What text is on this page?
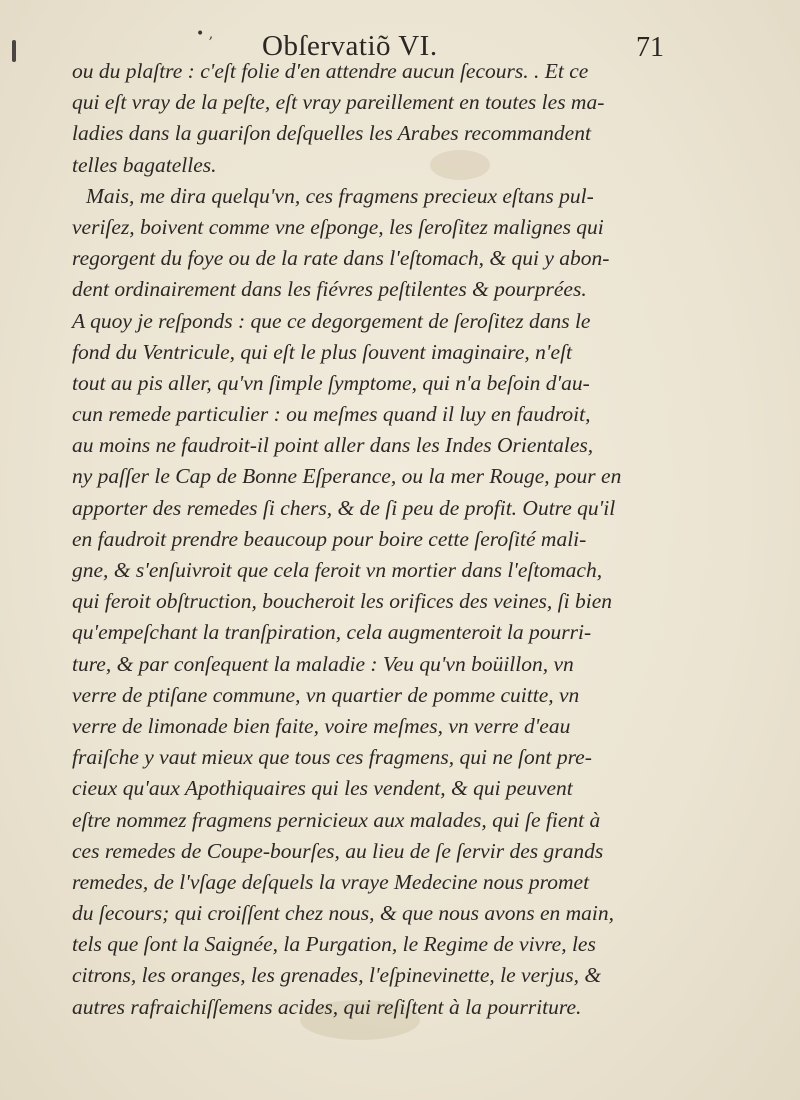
• , Obſervatiõ VI.	71
ou du plaſtre : c'eſt folie d'en attendre aucun ſecours. . Et ce
qui eſt vray de la peſte, eſt vray pareillement en toutes les ma-
ladies dans la guariſon deſquelles les Arabes recommandent
telles bagatelles.
Mais, me dira quelqu'vn, ces fragmens precieux eſtans pul-
veriſez, boivent comme vne eſponge, les ſeroſitez malignes qui
regorgent du foye ou de la rate dans l'eſtomach, & qui y abon-
dent ordinairement dans les fiévres peſtilentes & pourprées.
A quoy je reſponds : que ce degorgement de ſeroſitez dans le
fond du Ventricule, qui eſt le plus ſouvent imaginaire, n'eſt
tout au pis aller, qu'vn ſimple ſymptome, qui n'a beſoin d'au-
cun remede particulier : ou meſmes quand il luy en faudroit,
au moins ne faudroit-il point aller dans les Indes Orientales,
ny paſſer le Cap de Bonne Eſperance, ou la mer Rouge, pour en
apporter des remedes ſi chers, & de ſi peu de profit. Outre qu'il
en faudroit prendre beaucoup pour boire cette ſeroſité mali-
gne, & s'enſuivroit que cela feroit vn mortier dans l'eſtomach,
qui feroit obſtruction, boucheroit les orifices des veines, ſi bien
qu'empeſchant la tranſpiration, cela augmenteroit la pourri-
ture, & par conſequent la maladie : Veu qu'vn boüillon, vn
verre de ptiſane commune, vn quartier de pomme cuitte, vn
verre de limonade bien faite, voire meſmes, vn verre d'eau
fraiſche y vaut mieux que tous ces fragmens, qui ne ſont pre-
cieux qu'aux Apothiquaires qui les vendent, & qui peuvent
eſtre nommez fragmens pernicieux aux malades, qui ſe fient à
ces remedes de Coupe-bourſes, au lieu de ſe ſervir des grands
remedes, de l'vſage deſquels la vraye Medecine nous promet
du ſecours; qui croiſſent chez nous, & que nous avons en main,
tels que ſont la Saignée, la Purgation, le Regime de vivre, les
citrons, les oranges, les grenades, l'eſpinevinette, le verjus, &
autres rafraichiſſemens acides, qui reſiſtent à la pourriture.
